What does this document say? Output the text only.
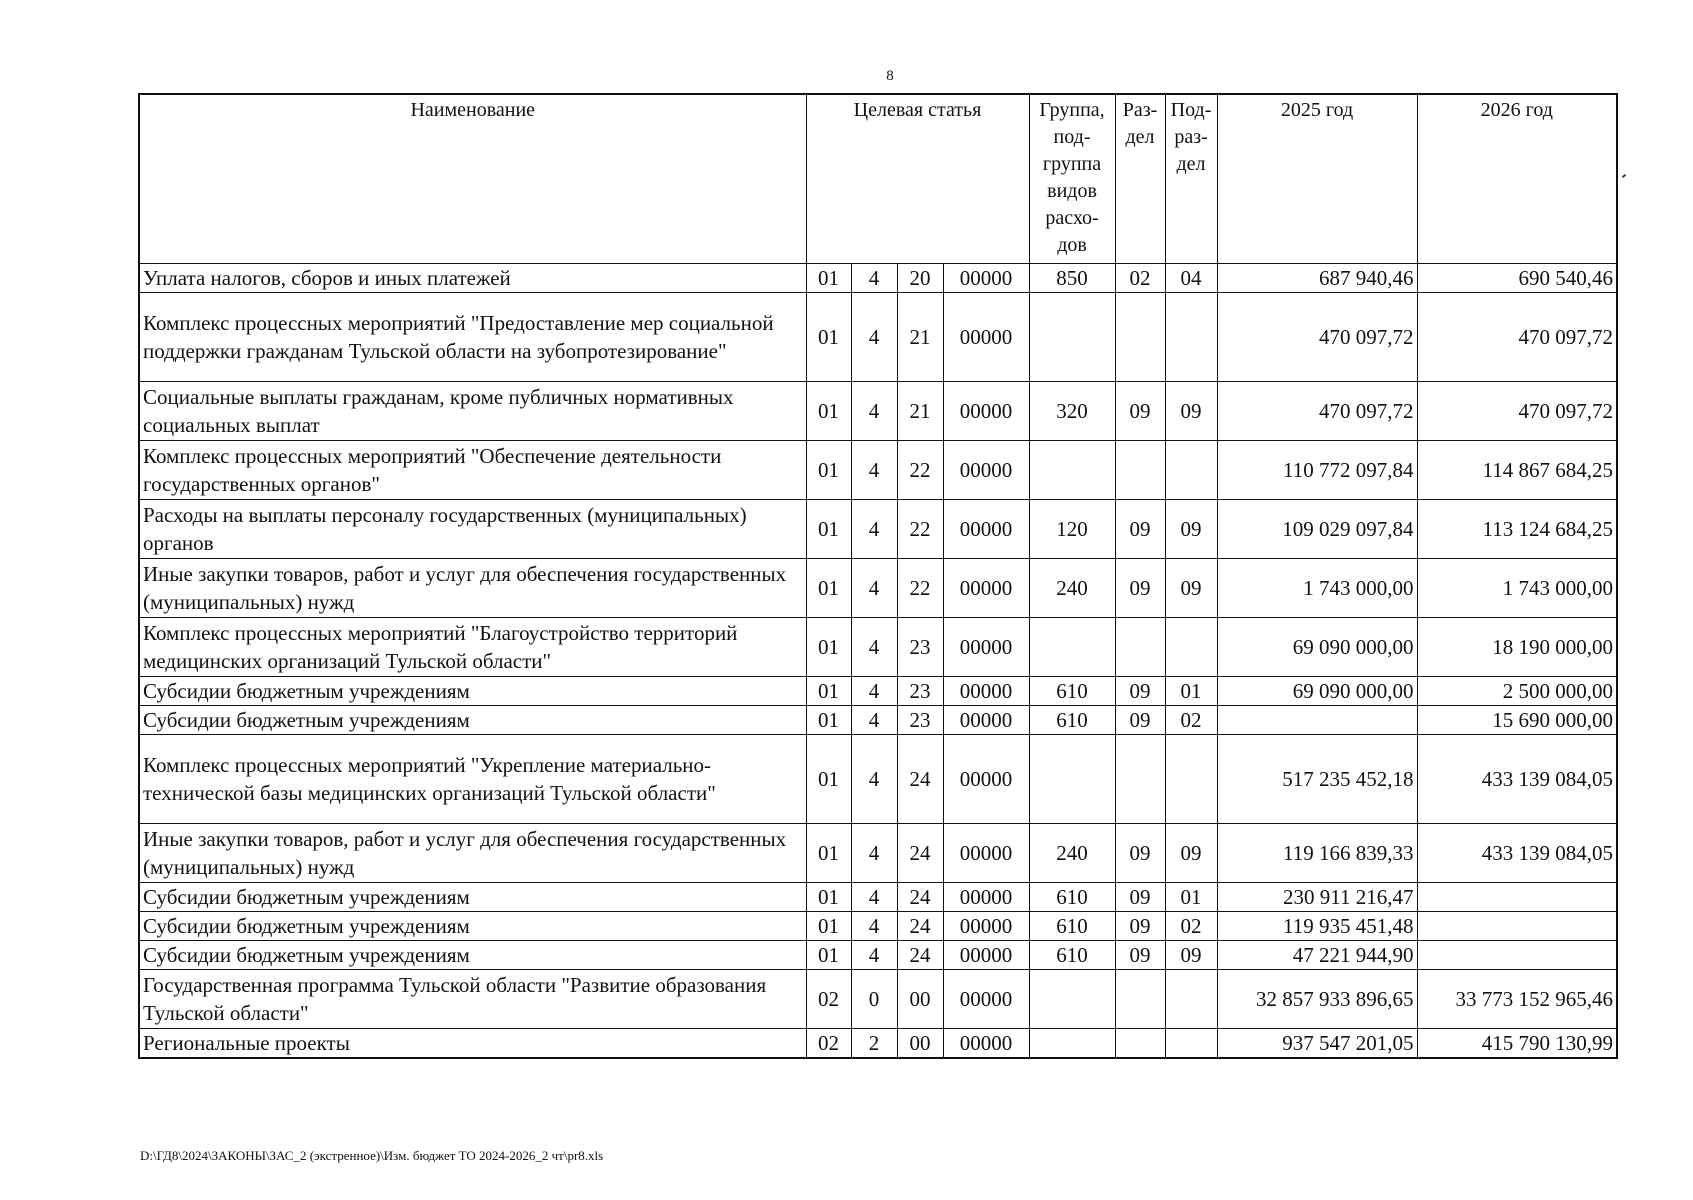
8
Наименование	Целевая статья				Группа, под-группа видов расхо-дов	Раз-дел	Под-раз-дел	2025 год	2026 год
Уплата налогов, сборов и иных платежей	01	4	20	00000	850	02	04	687 940,46	690 540,46
Комплекс процессных мероприятий "Предоставление мер социальной поддержки гражданам Тульской области на зубопротезирование"	01	4	21	00000				470 097,72	470 097,72
Социальные выплаты гражданам, кроме публичных нормативных социальных выплат	01	4	21	00000	320	09	09	470 097,72	470 097,72
Комплекс процессных мероприятий "Обеспечение деятельности государственных органов"	01	4	22	00000				110 772 097,84	114 867 684,25
Расходы на выплаты персоналу государственных (муниципальных) органов	01	4	22	00000	120	09	09	109 029 097,84	113 124 684,25
Иные закупки товаров, работ и услуг для обеспечения государственных (муниципальных) нужд	01	4	22	00000	240	09	09	1 743 000,00	1 743 000,00
Комплекс процессных мероприятий "Благоустройство территорий медицинских организаций Тульской области"	01	4	23	00000				69 090 000,00	18 190 000,00
Субсидии бюджетным учреждениям	01	4	23	00000	610	09	01	69 090 000,00	2 500 000,00
Субсидии бюджетным учреждениям	01	4	23	00000	610	09	02		15 690 000,00
Комплекс процессных мероприятий "Укрепление материально-технической базы медицинских организаций Тульской области"	01	4	24	00000				517 235 452,18	433 139 084,05
Иные закупки товаров, работ и услуг для обеспечения государственных (муниципальных) нужд	01	4	24	00000	240	09	09	119 166 839,33	433 139 084,05
Субсидии бюджетным учреждениям	01	4	24	00000	610	09	01	230 911 216,47	
Субсидии бюджетным учреждениям	01	4	24	00000	610	09	02	119 935 451,48	
Субсидии бюджетным учреждениям	01	4	24	00000	610	09	09	47 221 944,90	
Государственная программа Тульской области "Развитие образования Тульской области"	02	0	00	00000				32 857 933 896,65	33 773 152 965,46
Региональные проекты	02	2	00	00000				937 547 201,05	415 790 130,99
D:\ГД8\2024\ЗАКОНЫ\ЗАС_2 (экстренное)\Изм. бюджет ТО 2024-2026_2 чт\pr8.xls
